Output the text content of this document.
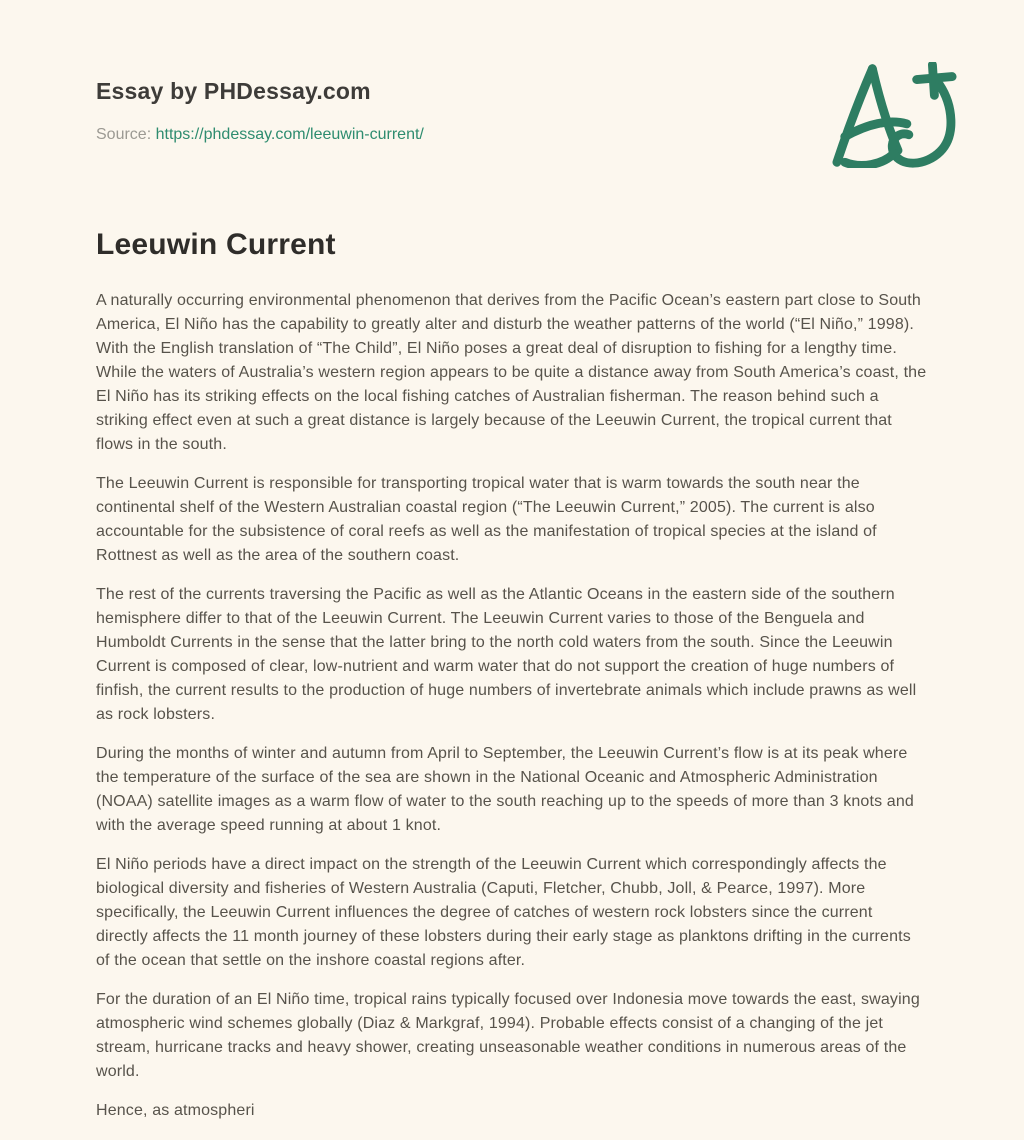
Essay by PHDessay.com
Source: https://phdessay.com/leeuwin-current/
Leeuwin Current

A naturally occurring environmental phenomenon that derives from the Pacific Ocean’s eastern part close to South America, El Niño has the capability to greatly alter and disturb the weather patterns of the world (“El Niño,” 1998). With the English translation of “The Child”, El Niño poses a great deal of disruption to fishing for a lengthy time. While the waters of Australia’s western region appears to be quite a distance away from South America’s coast, the El Niño has its striking effects on the local fishing catches of Australian fisherman. The reason behind such a striking effect even at such a great distance is largely because of the Leeuwin Current, the tropical current that flows in the south.

The Leeuwin Current is responsible for transporting tropical water that is warm towards the south near the continental shelf of the Western Australian coastal region (“The Leeuwin Current,” 2005). The current is also accountable for the subsistence of coral reefs as well as the manifestation of tropical species at the island of Rottnest as well as the area of the southern coast.

The rest of the currents traversing the Pacific as well as the Atlantic Oceans in the eastern side of the southern hemisphere differ to that of the Leeuwin Current. The Leeuwin Current varies to those of the Benguela and Humboldt Currents in the sense that the latter bring to the north cold waters from the south. Since the Leeuwin Current is composed of clear, low-nutrient and warm water that do not support the creation of huge numbers of finfish, the current results to the production of huge numbers of invertebrate animals which include prawns as well as rock lobsters.

During the months of winter and autumn from April to September, the Leeuwin Current’s flow is at its peak where the temperature of the surface of the sea are shown in the National Oceanic and Atmospheric Administration (NOAA) satellite images as a warm flow of water to the south reaching up to the speeds of more than 3 knots and with the average speed running at about 1 knot.

El Niño periods have a direct impact on the strength of the Leeuwin Current which correspondingly affects the biological diversity and fisheries of Western Australia (Caputi, Fletcher, Chubb, Joll, & Pearce, 1997). More specifically, the Leeuwin Current influences the degree of catches of western rock lobsters since the current directly affects the 11 month journey of these lobsters during their early stage as planktons drifting in the currents of the ocean that settle on the inshore coastal regions after.

For the duration of an El Niño time, tropical rains typically focused over Indonesia move towards the east, swaying atmospheric wind schemes globally (Diaz & Markgraf, 1994). Probable effects consist of a changing of the jet stream, hurricane tracks and heavy shower, creating unseasonable weather conditions in numerous areas of the world.

Hence, as atmospheri
